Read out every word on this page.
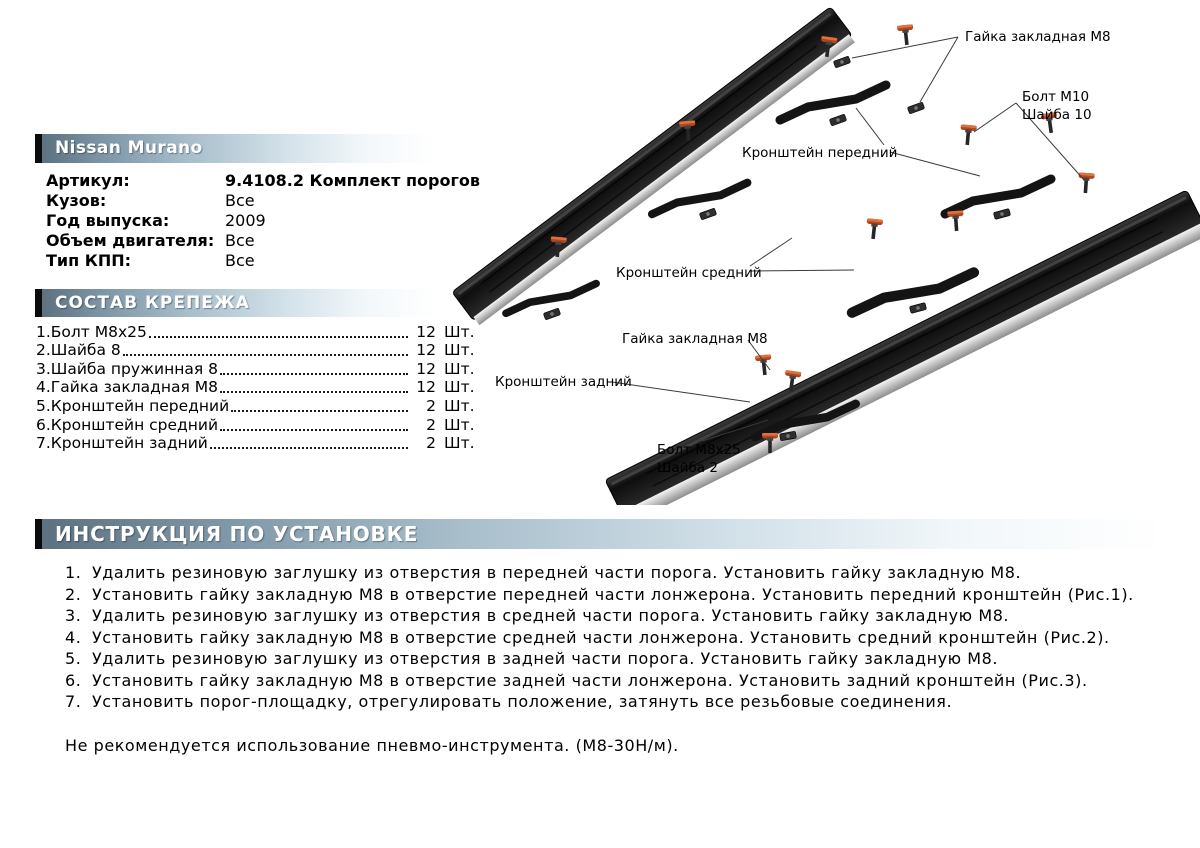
Nissan Murano
Артикул:	9.4108.2 Комплект порогов
Кузов:	Все
Год выпуска:	2009
Объем двигателя: Все
Тип КПП:	Все
СОСТАВ КРЕПЕЖА
1.Болт М8х25	12 Шт.
2.Шайба 8	12 Шт.
3.Шайба пружинная 8	12 Шт.
4.Гайка закладная М8	12 Шт.
5.Кронштейн передний	2 Шт.
6.Кронштейн средний	2 Шт.
7.Кронштейн задний	2 Шт.
Гайка закладная М8
Болт М10
Шайба 10
Кронштейн передний
Кронштейн средний
Гайка закладная М8
Кронштейн задний
Болт М8х25
Шайба 2
ИНСТРУКЦИЯ ПО УСТАНОВКЕ
1. Удалить резиновую заглушку из отверстия в передней части порога. Установить гайку закладную М8.
2. Установить гайку закладную М8 в отверстие передней части лонжерона. Установить передний кронштейн (Рис.1).
3. Удалить резиновую заглушку из отверстия в средней части порога. Установить гайку закладную М8.
4. Установить гайку закладную М8 в отверстие средней части лонжерона. Установить средний кронштейн (Рис.2).
5. Удалить резиновую заглушку из отверстия в задней части порога. Установить гайку закладную М8.
6. Установить гайку закладную М8 в отверстие задней части лонжерона. Установить задний кронштейн (Рис.3).
7. Установить порог-площадку, отрегулировать положение, затянуть все резьбовые соединения.
Не рекомендуется использование пневмо-инструмента. (М8-30Н/м).
